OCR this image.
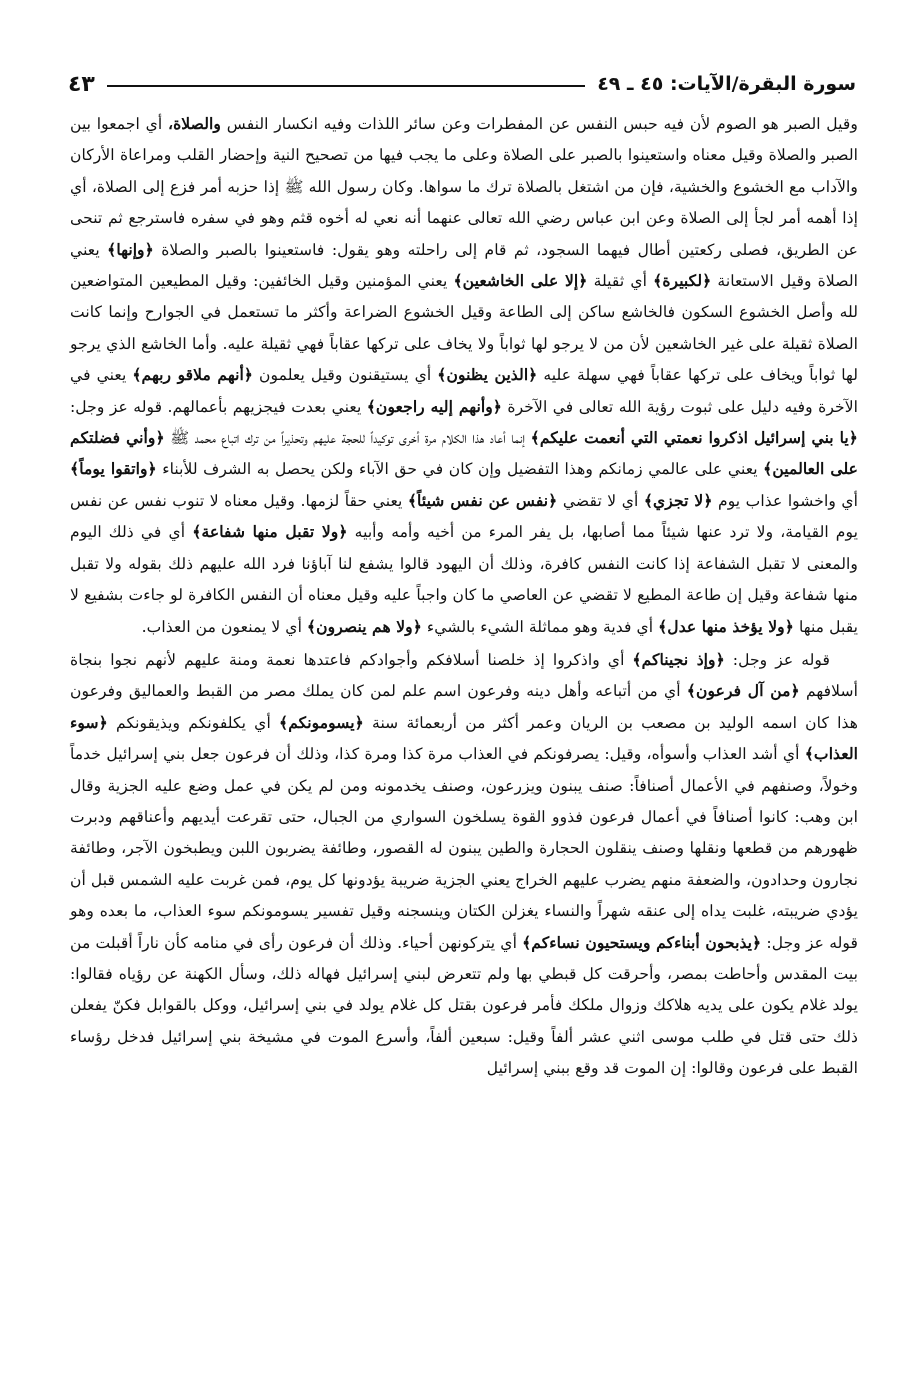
سورة البقرة/الآيات: ٤٥ ـ ٤٩
٤٣

وقيل الصبر هو الصوم لأن فيه حبس النفس عن المفطرات وعن سائر اللذات وفيه انكسار النفس والصلاة، أي اجمعوا بين الصبر والصلاة وقيل معناه واستعينوا بالصبر على الصلاة وعلى ما يجب فيها من تصحيح النية وإحضار القلب ومراعاة الأركان والآداب مع الخشوع والخشية، فإن من اشتغل بالصلاة ترك ما سواها. وكان رسول الله ﷺ إذا حزبه أمر فزع إلى الصلاة، أي إذا أهمه أمر لجأ إلى الصلاة وعن ابن عباس رضي الله تعالى عنهما أنه نعي له أخوه قثم وهو في سفره فاسترجع ثم تنحى عن الطريق، فصلى ركعتين أطال فيهما السجود، ثم قام إلى راحلته وهو يقول: فاستعينوا بالصبر والصلاة ﴿وإنها﴾ يعني الصلاة وقيل الاستعانة ﴿لكبيرة﴾ أي ثقيلة ﴿إلا على الخاشعين﴾ يعني المؤمنين وقيل الخائفين: وقيل المطيعين المتواضعين لله وأصل الخشوع السكون فالخاشع ساكن إلى الطاعة وقيل الخشوع الضراعة وأكثر ما تستعمل في الجوارح وإنما كانت الصلاة ثقيلة على غير الخاشعين لأن من لا يرجو لها ثواباً ولا يخاف على تركها عقاباً فهي ثقيلة عليه. وأما الخاشع الذي يرجو لها ثواباً ويخاف على تركها عقاباً فهي سهلة عليه ﴿الذين يظنون﴾ أي يستيقنون وقيل يعلمون ﴿أنهم ملاقو ربهم﴾ يعني في الآخرة وفيه دليل على ثبوت رؤية الله تعالى في الآخرة ﴿وأنهم إليه راجعون﴾ يعني بعدت فيجزيهم بأعمالهم. قوله عز وجل: ﴿يا بني إسرائيل اذكروا نعمتي التي أنعمت عليكم﴾ إنما أعاد هذا الكلام مرة أخرى توكيداً للحجة عليهم وتحذيراً من ترك اتباع محمد ﷺ ﴿وأني فضلتكم على العالمين﴾ يعني على عالمي زمانكم وهذا التفضيل وإن كان في حق الآباء ولكن يحصل به الشرف للأبناء ﴿واتقوا يوماً﴾ أي واخشوا عذاب يوم ﴿لا تجزي﴾ أي لا تقضي ﴿نفس عن نفس شيئاً﴾ يعني حقاً لزمها. وقيل معناه لا تنوب نفس عن نفس يوم القيامة، ولا ترد عنها شيئاً مما أصابها، بل يفر المرء من أخيه وأمه وأبيه ﴿ولا تقبل منها شفاعة﴾ أي في ذلك اليوم والمعنى لا تقبل الشفاعة إذا كانت النفس كافرة، وذلك أن اليهود قالوا يشفع لنا آباؤنا فرد الله عليهم ذلك بقوله ولا تقبل منها شفاعة وقيل إن طاعة المطيع لا تقضي عن العاصي ما كان واجباً عليه وقيل معناه أن النفس الكافرة لو جاءت بشفيع لا يقبل منها ﴿ولا يؤخذ منها عدل﴾ أي فدية وهو مماثلة الشيء بالشيء ﴿ولا هم ينصرون﴾ أي لا يمنعون من العذاب.

قوله عز وجل: ﴿وإذ نجيناكم﴾ أي واذكروا إذ خلصنا أسلافكم وأجوادكم فاعتدها نعمة ومنة عليهم لأنهم نجوا بنجاة أسلافهم ﴿من آل فرعون﴾ أي من أتباعه وأهل دينه وفرعون اسم علم لمن كان يملك مصر من القبط والعماليق وفرعون هذا كان اسمه الوليد بن مصعب بن الريان وعمر أكثر من أربعمائة سنة ﴿يسومونكم﴾ أي يكلفونكم ويذيقونكم ﴿سوء العذاب﴾ أي أشد العذاب وأسوأه، وقيل: يصرفونكم في العذاب مرة كذا ومرة كذا، وذلك أن فرعون جعل بني إسرائيل خدماً وخولاً، وصنفهم في الأعمال أصنافاً: صنف يبنون ويزرعون، وصنف يخدمونه ومن لم يكن في عمل وضع عليه الجزية وقال ابن وهب: كانوا أصنافاً في أعمال فرعون فذوو القوة يسلخون السواري من الجبال، حتى تقرعت أيديهم وأعناقهم ودبرت ظهورهم من قطعها ونقلها وصنف ينقلون الحجارة والطين يبنون له القصور، وطائفة يضربون اللبن ويطبخون الآجر، وطائفة نجارون وحدادون، والضعفة منهم يضرب عليهم الخراج يعني الجزية ضريبة يؤدونها كل يوم، فمن غربت عليه الشمس قبل أن يؤدي ضريبته، غلبت يداه إلى عنقه شهراً والنساء يغزلن الكتان وينسجنه وقيل تفسير يسومونكم سوء العذاب، ما بعده وهو قوله عز وجل: ﴿يذبحون أبناءكم ويستحيون نساءكم﴾ أي يتركونهن أحياء. وذلك أن فرعون رأى في منامه كأن ناراً أقبلت من بيت المقدس وأحاطت بمصر، وأحرقت كل قبطي بها ولم تتعرض لبني إسرائيل فهاله ذلك، وسأل الكهنة عن رؤياه فقالوا: يولد غلام يكون على يديه هلاكك وزوال ملكك فأمر فرعون بقتل كل غلام يولد في بني إسرائيل، ووكل بالقوابل فكنّ يفعلن ذلك حتى قتل في طلب موسى اثني عشر ألفاً وقيل: سبعين ألفاً، وأسرع الموت في مشيخة بني إسرائيل فدخل رؤساء القبط على فرعون وقالوا: إن الموت قد وقع ببني إسرائيل
